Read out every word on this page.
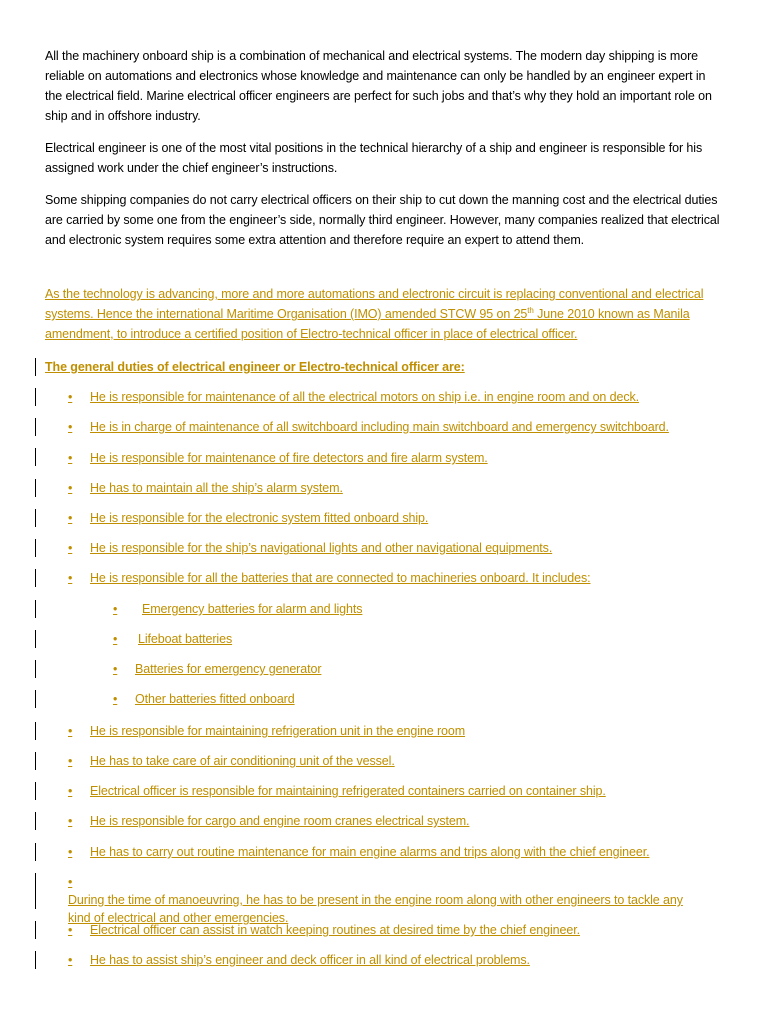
All the machinery onboard ship is a combination of mechanical and electrical systems. The modern day shipping is more reliable on automations and electronics whose knowledge and maintenance can only be handled by an engineer expert in the electrical field. Marine electrical officer engineers are perfect for such jobs and that’s why they hold an important role on ship and in offshore industry.
Electrical engineer is one of the most vital positions in the technical hierarchy of a ship and engineer is responsible for his assigned work under the chief engineer’s instructions.
Some shipping companies do not carry electrical officers on their ship to cut down the manning cost and the electrical duties are carried by some one from the engineer’s side, normally third engineer. However, many companies realized that electrical and electronic system requires some extra attention and therefore require an expert to attend them.
As the technology is advancing, more and more automations and electronic circuit is replacing conventional and electrical systems. Hence the international Maritime Organisation (IMO) amended STCW 95 on 25th June 2010 known as Manila amendment, to introduce a certified position of Electro-technical officer in place of electrical officer.
The general duties of electrical engineer or Electro-technical officer are:
• He is responsible for maintenance of all the electrical motors on ship i.e. in engine room and on deck.
• He is in charge of maintenance of all switchboard including main switchboard and emergency switchboard.
• He is responsible for maintenance of fire detectors and fire alarm system.
• He has to maintain all the ship’s alarm system.
• He is responsible for the electronic system fitted onboard ship.
• He is responsible for the ship’s navigational lights and other navigational equipments.
• He is responsible for all the batteries that are connected to machineries onboard. It includes:
• Emergency batteries for alarm and lights
• Lifeboat batteries
• Batteries for emergency generator
• Other batteries fitted onboard
• He is responsible for maintaining refrigeration unit in the engine room
• He has to take care of air conditioning unit of the vessel.
• Electrical officer is responsible for maintaining refrigerated containers carried on container ship.
• He is responsible for cargo and engine room cranes electrical system.
• He has to carry out routine maintenance for main engine alarms and trips along with the chief engineer.
•During the time of manoeuvring, he has to be present in the engine room along with other engineers to tackle any kind of electrical and other emergencies.
• Electrical officer can assist in watch keeping routines at desired time by the chief engineer.
• He has to assist ship’s engineer and deck officer in all kind of electrical problems.
